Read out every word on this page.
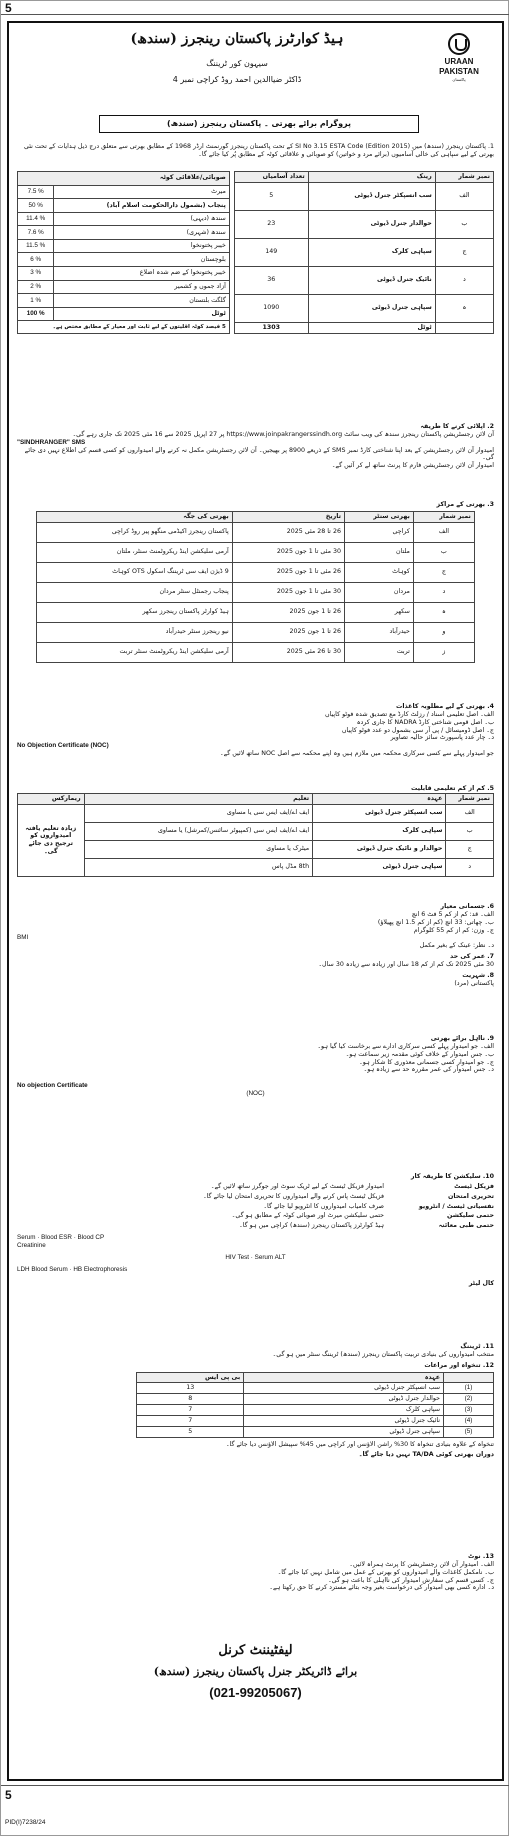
5
ہیڈ کوارٹرز پاکستان رینجرز (سندھ)
سیہون کور ٹریننگ
ڈاکٹر ضیاالدین احمد روڈ کراچی نمبر 4
URAAN PAKISTAN
پاکستان
پروگرام برائے بھرتی ۔ پاکستان رینجرز (سندھ)
1. پاکستان رینجرز (سندھ) میں SI No 3.15 ESTA Code (Edition 2015) کے تحت پاکستان رینجرز گورنمنٹ آرڈر 1968 کے مطابق بھرتی سے متعلق درج ذیل ہدایات کے تحت نئی بھرتی کے لیے سپاہی کی خالی آسامیوں (برائے مرد و خواتین) کو صوبائی و علاقائی کوٹہ کے مطابق پُر کیا جائے گا۔
نمبر شمار	رینک	تعداد آسامیاں
الف	سب انسپکٹر جنرل ڈیوٹی	5
ب	حوالدار جنرل ڈیوٹی	23
ج	سپاہی کلرک	149
د	نائیک جنرل ڈیوٹی	36
ہ	سپاہی جنرل ڈیوٹی	1090
	ٹوٹل	1303
صوبائی/علاقائی کوٹہ	
میرٹ	7.5 %
پنجاب (بشمول دارالحکومت اسلام آباد)	50 %
سندھ (دیہی)	11.4 %
سندھ (شہری)	7.6 %
خیبر پختونخوا	11.5 %
بلوچستان	6 %
خیبر پختونخوا کے ضم شدہ اضلاع	3 %
آزاد جموں و کشمیر	2 %
گلگت بلتستان	1 %
ٹوٹل	100 %
5 فیصد کوٹہ اقلیتوں کے لیے ثابت اور معیار کے مطابق مختص ہے۔	
2. اپلائی کرنے کا طریقہ
آن لائن رجسٹریشن پاکستان رینجرز سندھ کی ویب سائٹ https://www.joinpakrangerssindh.org پر 27 اپریل 2025 سے 16 مئی 2025 تک جاری رہے گی۔
"SINDHRANGER" SMS
امیدوار آن لائن رجسٹریشن کے بعد اپنا شناختی کارڈ نمبر SMS کے ذریعے 8900 پر بھیجیں۔ آن لائن رجسٹریشن مکمل نہ کرنے والے امیدواروں کو کسی قسم کی اطلاع نہیں دی جائے گی۔
امیدوار آن لائن رجسٹریشن فارم کا پرنٹ ساتھ لے کر آئیں گے۔
3. بھرتی کے مراکز
نمبر شمار	بھرتی سنٹر	تاریخ	بھرتی کی جگہ
الف	کراچی	26 تا 28 مئی 2025	پاکستان رینجرز اکیڈمی منگھو پیر روڈ کراچی
ب	ملتان	30 مئی تا 1 جون 2025	آرمی سلیکشن اینڈ ریکروٹمنٹ سنٹر، ملتان
ج	کوہاٹ	26 مئی تا 1 جون 2025	9 ڈیژن ایف سی ٹریننگ اسکول OTS کوہاٹ
د	مردان	30 مئی تا 1 جون 2025	پنجاب رجمنٹل سنٹر مردان
ہ	سکھر	26 تا 1 جون 2025	ہیڈ کوارٹر پاکستان رینجرز سکھر
و	حیدرآباد	26 تا 1 جون 2025	نیو رینجرز سنٹر حیدرآباد
ز	تربت	30 تا 26 مئی 2025	آرمی سلیکشن اینڈ ریکروٹمنٹ سنٹر تربت
4. بھرتی کے لیے مطلوبہ کاغذات
الف۔ اصل تعلیمی اسناد / رزلٹ کارڈ مع تصدیق شدہ فوٹو کاپیاں
ب۔ اصل قومی شناختی کارڈ NADRA کا جاری کردہ
ج۔ اصل ڈومیسائل / پی آر سی بشمول دو عدد فوٹو کاپیاں
د۔ چار عدد پاسپورٹ سائز حالیہ تصاویر
No Objection Certificate (NOC)
جو امیدوار پہلے سے کسی سرکاری محکمہ میں ملازم ہیں وہ اپنے محکمہ سے اصل NOC ساتھ لائیں گے۔
5. کم از کم تعلیمی قابلیت
نمبر شمار	عہدہ	تعلیم	ریمارکس
الف	سب انسپکٹر جنرل ڈیوٹی	ایف اے/ایف ایس سی یا مساوی	زیادہ تعلیم یافتہ امیدواروں کو ترجیح دی جائے گی۔
ب	سپاہی کلرک	ایف اے/ایف ایس سی (کمپیوٹر سائنس/کمرشل) یا مساوی	
ج	حوالدار و نائیک جنرل ڈیوٹی	میٹرک یا مساوی	
د	سپاہی جنرل ڈیوٹی	8th مڈل پاس	
6. جسمانی معیار
الف۔ قد: کم از کم 5 فٹ 6 انچ
ب۔ چھاتی: 33 انچ (کم از کم 1.5 انچ پھیلاؤ)
ج۔ وزن: کم از کم 55 کلوگرام
BMI
د۔ نظر: عینک کے بغیر مکمل
7. عمر کی حد
30 مئی 2025 تک کم از کم 18 سال اور زیادہ سے زیادہ 30 سال۔
8. شہریت
پاکستانی (مرد)
9. نااہل برائے بھرتی
الف۔ جو امیدوار پہلے کسی سرکاری ادارے سے برخاست کیا گیا ہو۔
ب۔ جس امیدوار کے خلاف کوئی مقدمہ زیر سماعت ہو۔
ج۔ جو امیدوار کسی جسمانی معذوری کا شکار ہو۔
د۔ جس امیدوار کی عمر مقررہ حد سے زیادہ ہو۔
No objection Certificate
(NOC)
10. سلیکشن کا طریقہ کار
فزیکل ٹیسٹ
امیدوار فزیکل ٹیسٹ کے لیے ٹریک سوٹ اور جوگرز ساتھ لائیں گے۔
تحریری امتحان
فزیکل ٹیسٹ پاس کرنے والے امیدواروں کا تحریری امتحان لیا جائے گا۔
نفسیاتی ٹیسٹ / انٹرویو
صرف کامیاب امیدواروں کا انٹرویو لیا جائے گا۔
حتمی سلیکشن
حتمی سلیکشن میرٹ اور صوبائی کوٹہ کے مطابق ہو گی۔
حتمی طبی معائنہ
ہیڈ کوارٹرز پاکستان رینجرز (سندھ) کراچی میں ہو گا۔
Serum · Blood ESR · Blood CP
Creatinine
HIV Test · Serum ALT
LDH Blood Serum · HB Electrophoresis
کال لیٹر
11. ٹریننگ
منتخب امیدواروں کی بنیادی تربیت پاکستان رینجرز (سندھ) ٹریننگ سنٹر میں ہو گی۔
12. تنخواہ اور مراعات
	عہدہ	بی پی ایس
(1)	سب انسپکٹر جنرل ڈیوٹی	13
(2)	حوالدار جنرل ڈیوٹی	8
(3)	سپاہی کلرک	7
(4)	نائیک جنرل ڈیوٹی	7
(5)	سپاہی جنرل ڈیوٹی	5
تنخواہ کے علاوہ بنیادی تنخواہ کا 30% راشن الاؤنس اور کراچی میں 45% سپیشل الاؤنس دیا جائے گا۔
دوران بھرتی کوئی TA/DA نہیں دیا جائے گا۔
13. نوٹ
الف۔ امیدوار آن لائن رجسٹریشن کا پرنٹ ہمراہ لائیں۔
ب۔ نامکمل کاغذات والے امیدواروں کو بھرتی کے عمل میں شامل نہیں کیا جائے گا۔
ج۔ کسی قسم کی سفارش امیدوار کی نااہلی کا باعث ہو گی۔
د۔ ادارہ کسی بھی امیدوار کی درخواست بغیر وجہ بتائے مسترد کرنے کا حق رکھتا ہے۔
لیفٹیننٹ کرنل
برائے ڈائریکٹر جنرل پاکستان رینجرز (سندھ)
(021-99205067)
5
PID(I)7238/24
